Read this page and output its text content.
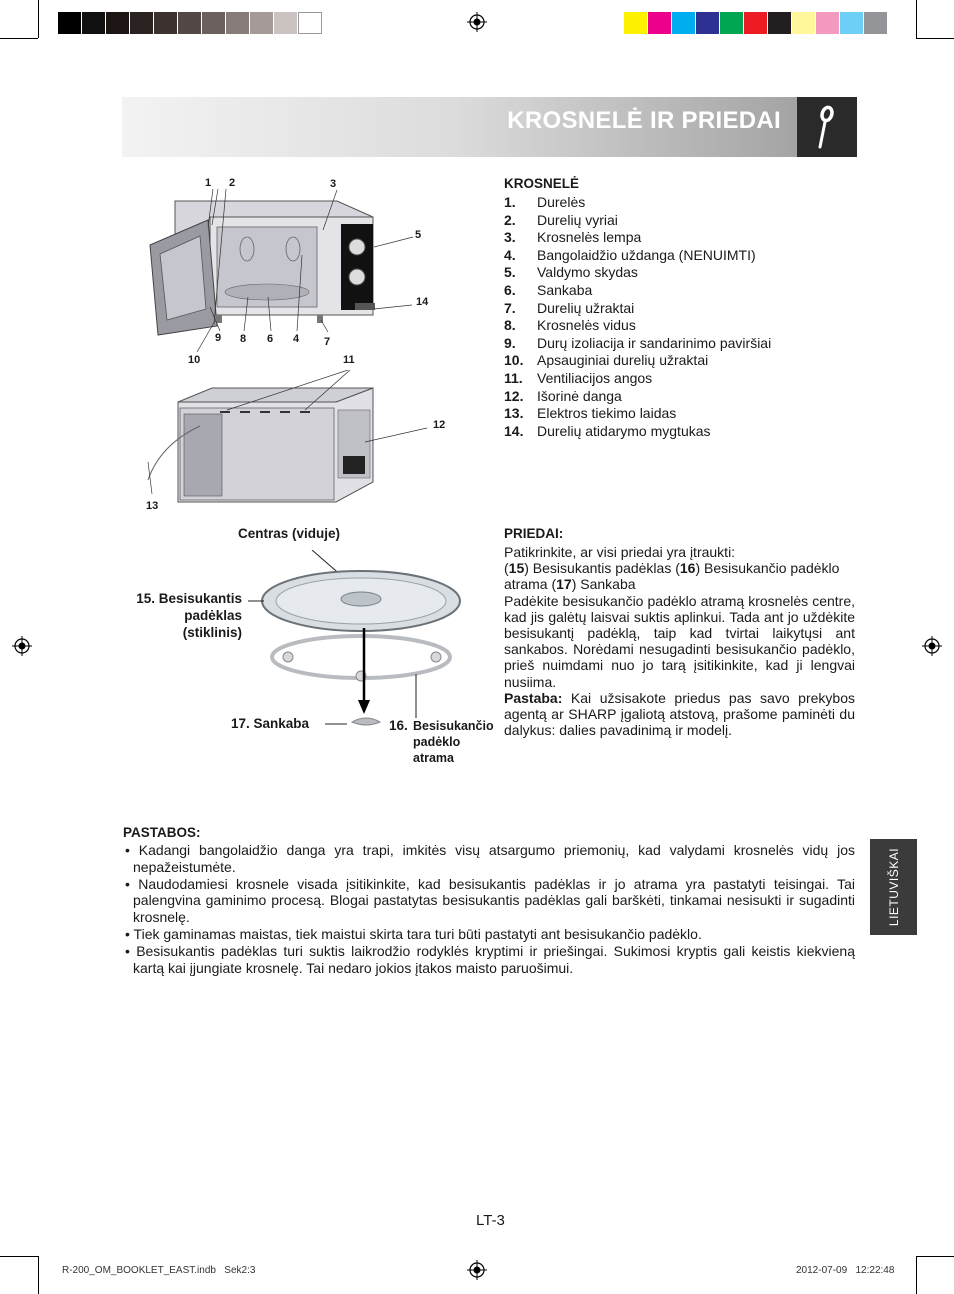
KROSNELĖ IR PRIEDAI
1 2	3
5
14
9 8 6 4 7
10	11
12
13
KROSNELĖ
1. Durelės
2. Durelių vyriai
3. Krosnelės lempa
4. Bangolaidžio uždanga (NENUIMTI)
5. Valdymo skydas
6. Sankaba
7. Durelių užraktai
8. Krosnelės vidus
9. Durų izoliacija ir sandarinimo paviršiai
10. Apsauginiai durelių užraktai
11. Ventiliacijos angos
12. Išorinė danga
13. Elektros tiekimo laidas
14. Durelių atidarymo mygtukas
Centras (viduje)
15. Besisukantis
padėklas
(stiklinis)
17. Sankaba	16. Besisukančio
padėklo
atrama
PRIEDAI:
Patikrinkite, ar visi priedai yra įtraukti:
(15) Besisukantis padėklas (16) Besisukančio padėklo atrama (17) Sankaba
Padėkite besisukančio padėklo atramą krosnelės centre, kad jis galėtų laisvai suktis aplinkui. Tada ant jo uždėkite besisukantį padėklą, taip kad tvirtai laikytųsi ant sankabos. Norėdami nesugadinti besisukančio padėklo, prieš nuimdami nuo jo tarą įsitikinkite, kad ji lengvai nusiima.
Pastaba: Kai užsisakote priedus pas savo prekybos agentą ar SHARP įgaliotą atstovą, prašome paminėti du dalykus: dalies pavadinimą ir modelį.
PASTABOS:
• Kadangi bangolaidžio danga yra trapi, imkitės visų atsargumo priemonių, kad valydami krosnelės vidų jos nepažeistumėte.
• Naudodamiesi krosnele visada įsitikinkite, kad besisukantis padėklas ir jo atrama yra pastatyti teisingai. Tai palengvina gaminimo procesą. Blogai pastatytas besisukantis padėklas gali barškėti, tinkamai nesisukti ir sugadinti krosnelę.
• Tiek gaminamas maistas, tiek maistui skirta tara turi būti pastatyti ant besisukančio padėklo.
• Besisukantis padėklas turi suktis laikrodžio rodyklės kryptimi ir priešingai. Sukimosi kryptis gali keistis kiekvieną kartą kai įjungiate krosnelę. Tai nedaro jokios įtakos maisto paruošimui.
LIETUVIŠKAI
LT-3
R-200_OM_BOOKLET_EAST.indb   Sek2:3	2012-07-09   12:22:48
